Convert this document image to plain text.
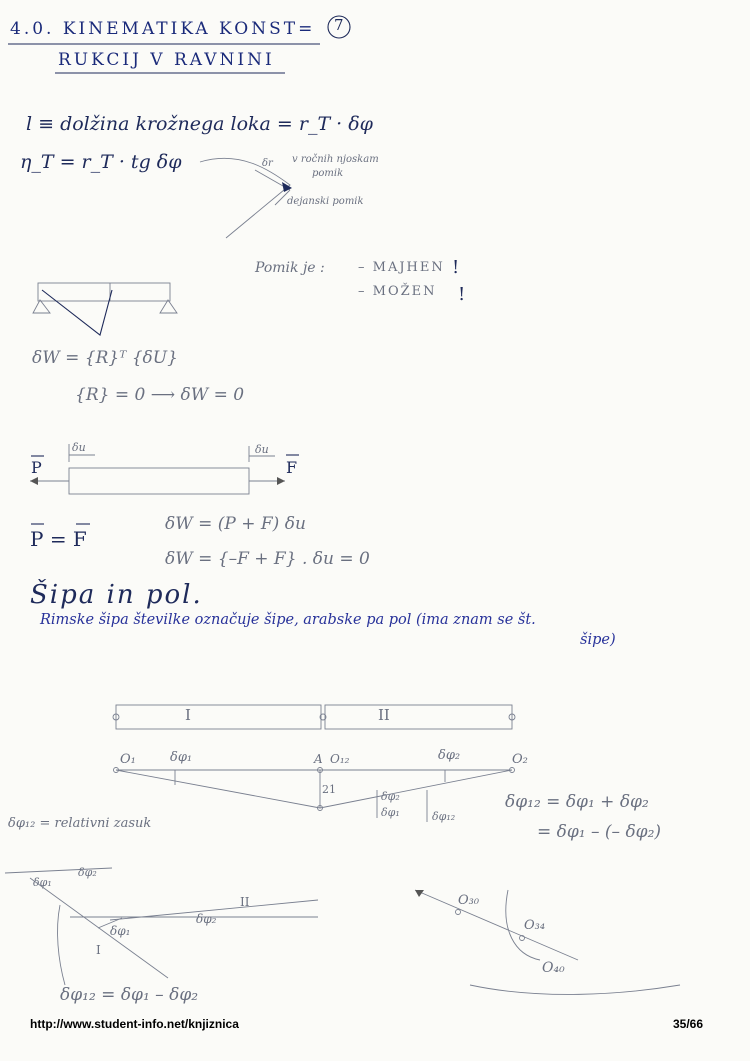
4.0. KINEMATIKA KONST=
RUKCIJ V RAVNINI
7
l ≡ dolžina krožnega loka = r_T · δφ
η_T = r_T · tg δφ	δr v ročnih njoskam
pomik
dejanski pomik
Pomik je :	– MAJHEN
– MOŽEN
!
!
δW = {R}ᵀ {δU}
{R} = 0 ⟶ δW = 0
P	F
δu	δu
P = F
δW = (P + F) δu
δW = {–F + F} . δu = 0
Šipa in pol.
Rimske šipa številke označuje šipe, arabske pa pol (ima znam se št.
šipe)
I	II
O₁	A O₁₂	O₂
δφ₁	δφ₂
21
δφ₂
δφ₁	δφ₁₂
δφ₁₂ = relativni zasuk
δφ₁₂ = δφ₁ + δφ₂
= δφ₁ – (– δφ₂)
δφ₁
δφ₂
II
I
δφ₂
δφ₁
δφ₁₂ = δφ₁ – δφ₂
O₃₀
O₃₄
O₄₀
http://www.student-info.net/knjiznica	35/66
